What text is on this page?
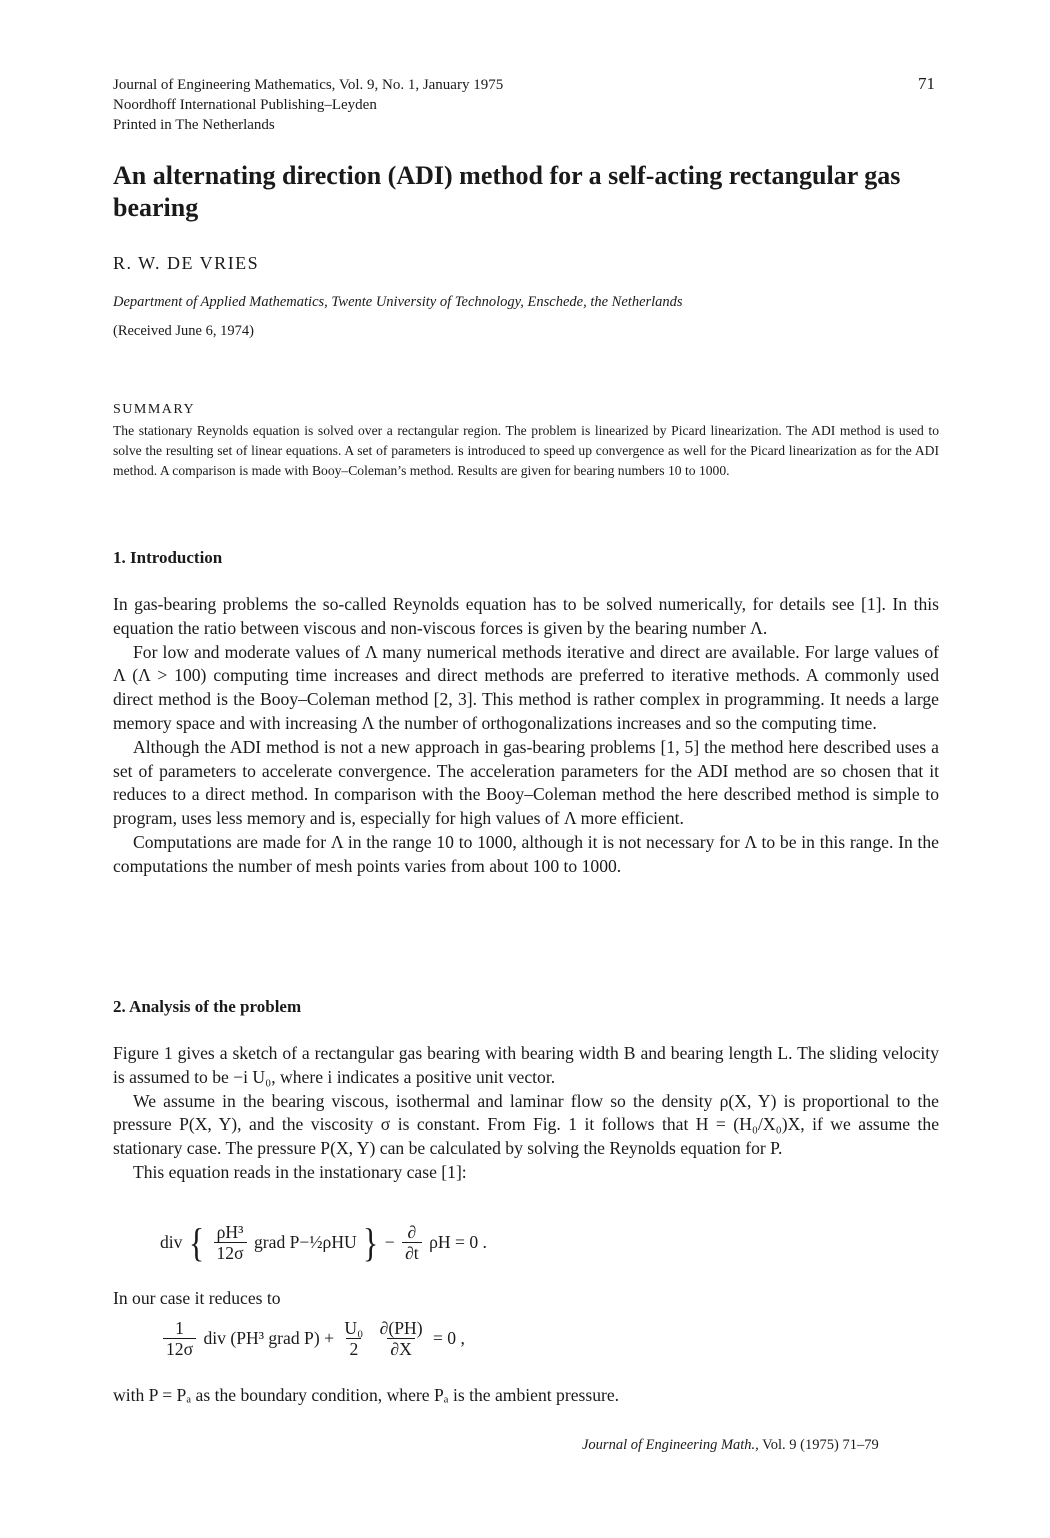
Journal of Engineering Mathematics, Vol. 9, No. 1, January 1975
Noordhoff International Publishing–Leyden
Printed in The Netherlands
71
An alternating direction (ADI) method for a self-acting rectangular gas bearing
R. W. DE VRIES
Department of Applied Mathematics, Twente University of Technology, Enschede, the Netherlands
(Received June 6, 1974)
SUMMARY

The stationary Reynolds equation is solved over a rectangular region. The problem is linearized by Picard linearization. The ADI method is used to solve the resulting set of linear equations. A set of parameters is introduced to speed up convergence as well for the Picard linearization as for the ADI method. A comparison is made with Booy–Coleman’s method. Results are given for bearing numbers 10 to 1000.

1. Introduction

In gas-bearing problems the so-called Reynolds equation has to be solved numerically, for details see [1]. In this equation the ratio between viscous and non-viscous forces is given by the bearing number Λ.

For low and moderate values of Λ many numerical methods iterative and direct are available. For large values of Λ (Λ > 100) computing time increases and direct methods are preferred to iterative methods. A commonly used direct method is the Booy–Coleman method [2, 3]. This method is rather complex in programming. It needs a large memory space and with increasing Λ the number of orthogonalizations increases and so the computing time.

Although the ADI method is not a new approach in gas-bearing problems [1, 5] the method here described uses a set of parameters to accelerate convergence. The acceleration parameters for the ADI method are so chosen that it reduces to a direct method. In comparison with the Booy–Coleman method the here described method is simple to program, uses less memory and is, especially for high values of Λ more efficient.

Computations are made for Λ in the range 10 to 1000, although it is not necessary for Λ to be in this range. In the computations the number of mesh points varies from about 100 to 1000.

2. Analysis of the problem

Figure 1 gives a sketch of a rectangular gas bearing with bearing width B and bearing length L. The sliding velocity is assumed to be −i U₀, where i indicates a positive unit vector.

We assume in the bearing viscous, isothermal and laminar flow so the density ρ(X, Y) is proportional to the pressure P(X, Y), and the viscosity σ is constant. From Fig. 1 it follows that H = (H₀/X₀)X, if we assume the stationary case. The pressure P(X, Y) can be calculated by solving the Reynolds equation for P.

This equation reads in the instationary case [1]:

div { $\frac{\text{ρH³}}{12\sigma}$ grad P−½ρHU } − $\frac{\partial}{\partial t}$ ρH = 0 .
In our case it reduces to
$\frac{1}{12\sigma}$ div (PH³ grad $P) + \frac{\text{U₀}}{2}$
$\frac{\partial(PH)}{\partial X} = 0$ ,
with P = Pₐ as the boundary condition, where Pₐ is the ambient pressure.
Journal of Engineering Math., Vol. 9 (1975) 71–79
